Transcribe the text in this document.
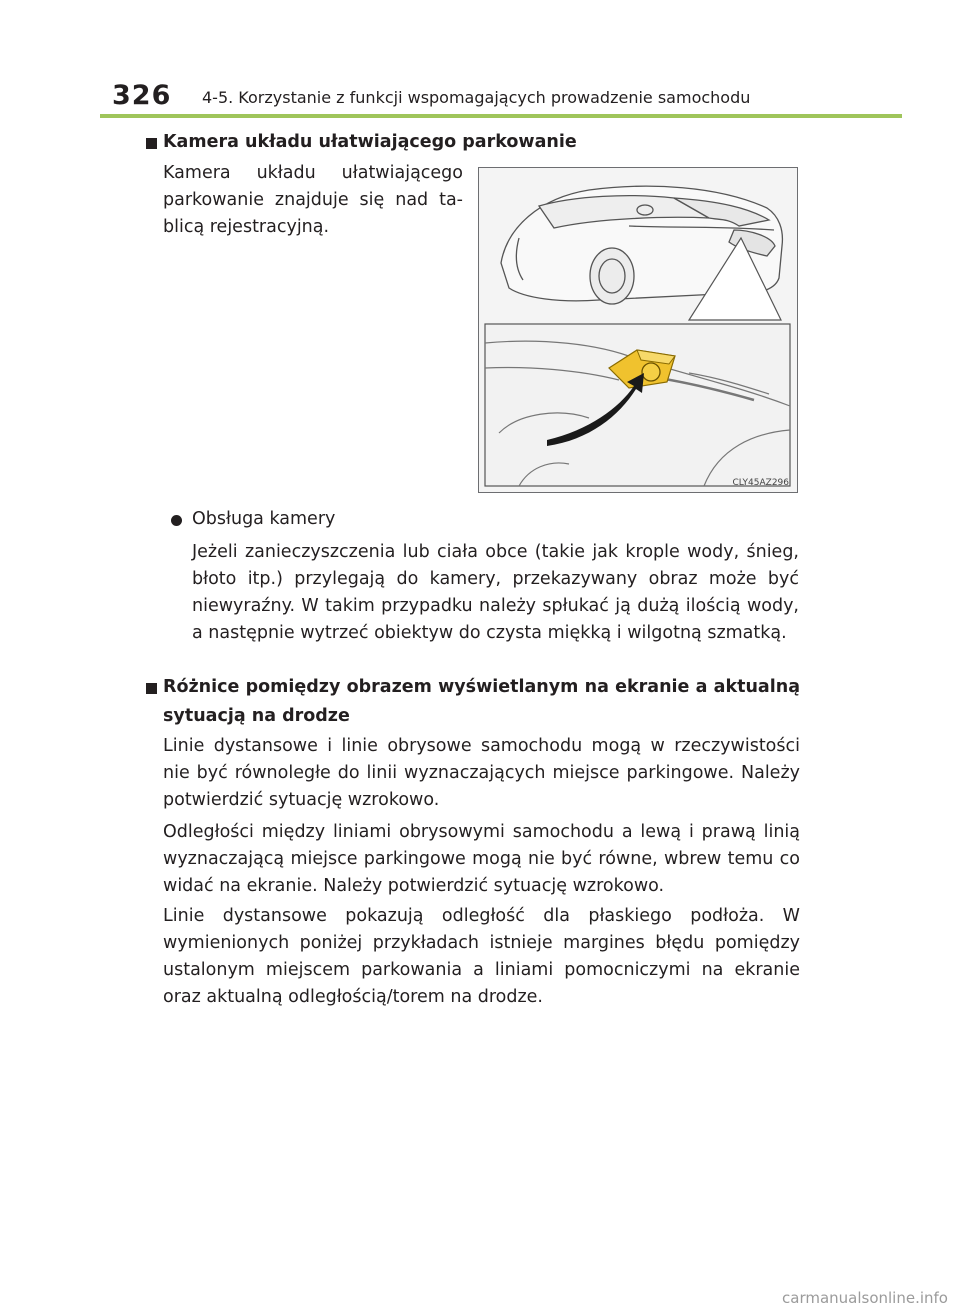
326 4-5. Korzystanie z funkcji wspomagających prowadzenie samochodu
Kamera układu ułatwiającego parkowanie
Kamera układu ułatwiającego
parkowanie znajduje się nad ta-
blicą rejestracyjną.
CLY45AZ296
Obsługa kamery
Jeżeli zanieczyszczenia lub ciała obce (takie jak krople wody, śnieg, błoto itp.) przylegają do kamery, przekazywany obraz może być niewyraźny. W takim przypadku należy spłukać ją dużą ilością wody, a następnie wytrzeć obiektyw do czysta miękką i wilgotną szmatką.
Różnice pomiędzy obrazem wyświetlanym na ekranie a aktualną sytuacją na drodze
Linie dystansowe i linie obrysowe samochodu mogą w rzeczywistości nie być równoległe do linii wyznaczających miejsce parkingowe. Należy potwierdzić sytuację wzrokowo.
Odległości między liniami obrysowymi samochodu a lewą i prawą linią wyznaczającą miejsce parkingowe mogą nie być równe, wbrew temu co widać na ekranie. Należy potwierdzić sytuację wzrokowo.
Linie dystansowe pokazują odległość dla płaskiego podłoża. W wymienionych poniżej przykładach istnieje margines błędu pomiędzy ustalonym miejscem parkowania a liniami pomocniczymi na ekranie oraz aktualną odległością/torem na drodze.
carmanualsonline.info
